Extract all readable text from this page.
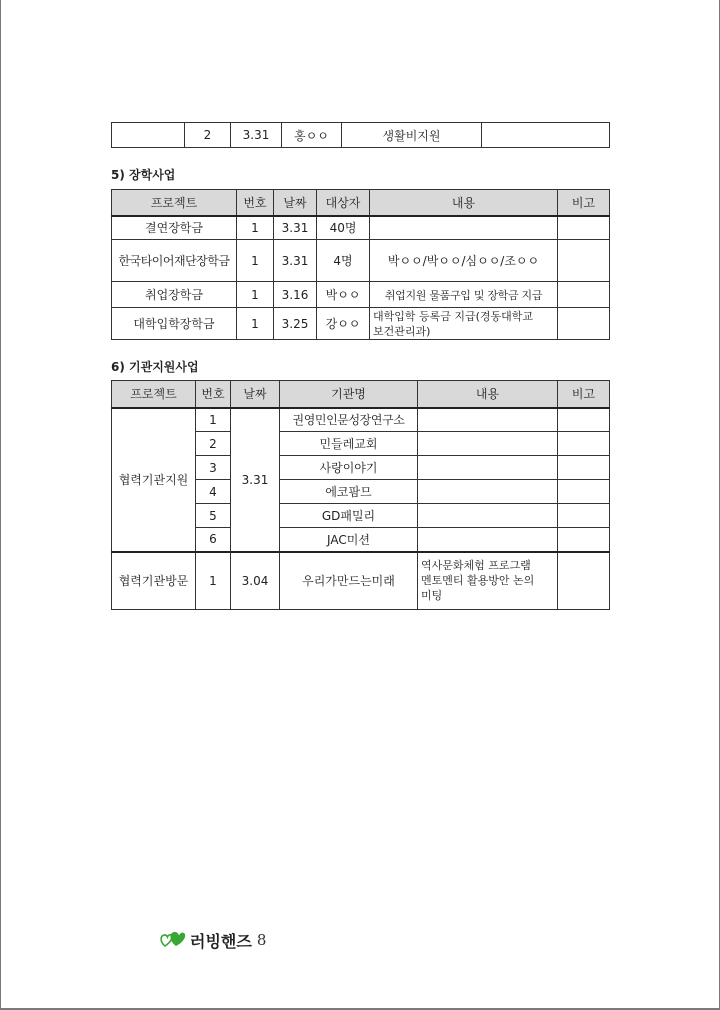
	2	3.31	홍ㅇㅇ	생활비지원	
5) 장학사업
프로젝트	번호	날짜	대상자	내용	비고
결연장학금	1	3.31	40명		
한국타이어재단장학금	1	3.31	4명	박ㅇㅇ/박ㅇㅇ/심ㅇㅇ/조ㅇㅇ	
취업장학금	1	3.16	박ㅇㅇ	취업지원 물품구입 및 장학금 지급	
대학입학장학금	1	3.25	강ㅇㅇ	대학입학 등록금 지급(경동대학교 보건관리과)	
6) 기관지원사업
프로젝트	번호	날짜	기관명	내용	비고
협력기관지원	1	3.31	권영민인문성장연구소		
	2		민들레교회		
	3		사랑이야기		
	4		에코팜므		
	5		GD패밀리		
	6		JAC미션		
협력기관방문	1	3.04	우리가만드는미래	역사문화체험 프로그램 멘토멘티 활용방안 논의 미팅	
러빙핸즈 8
